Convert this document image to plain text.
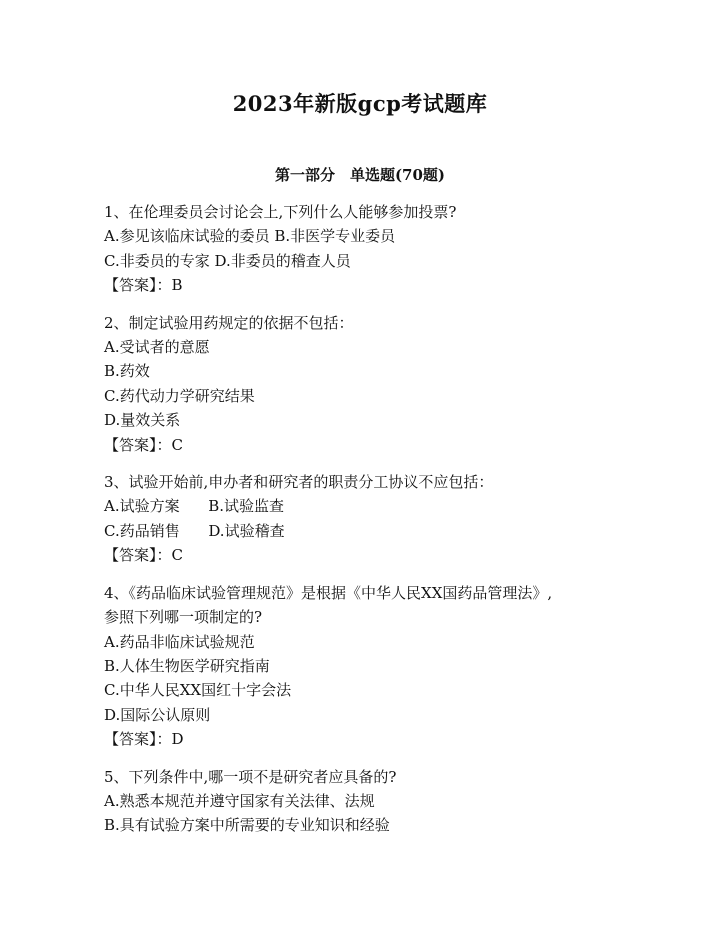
2023年新版gcp考试题库
第一部分　单选题(70题)
1、在伦理委员会讨论会上,下列什么人能够参加投票?
A.参见该临床试验的委员 B.非医学专业委员
C.非委员的专家 D.非委员的稽查人员
【答案】：B
2、制定试验用药规定的依据不包括：
A.受试者的意愿
B.药效
C.药代动力学研究结果
D.量效关系
【答案】：C
3、试验开始前,申办者和研究者的职责分工协议不应包括：
A.试验方案      B.试验监查
C.药品销售      D.试验稽查
【答案】：C
4、《药品临床试验管理规范》是根据《中华人民XX国药品管理法》,
参照下列哪一项制定的?
A.药品非临床试验规范
B.人体生物医学研究指南
C.中华人民XX国红十字会法
D.国际公认原则
【答案】：D
5、下列条件中,哪一项不是研究者应具备的?
A.熟悉本规范并遵守国家有关法律、法规
B.具有试验方案中所需要的专业知识和经验
